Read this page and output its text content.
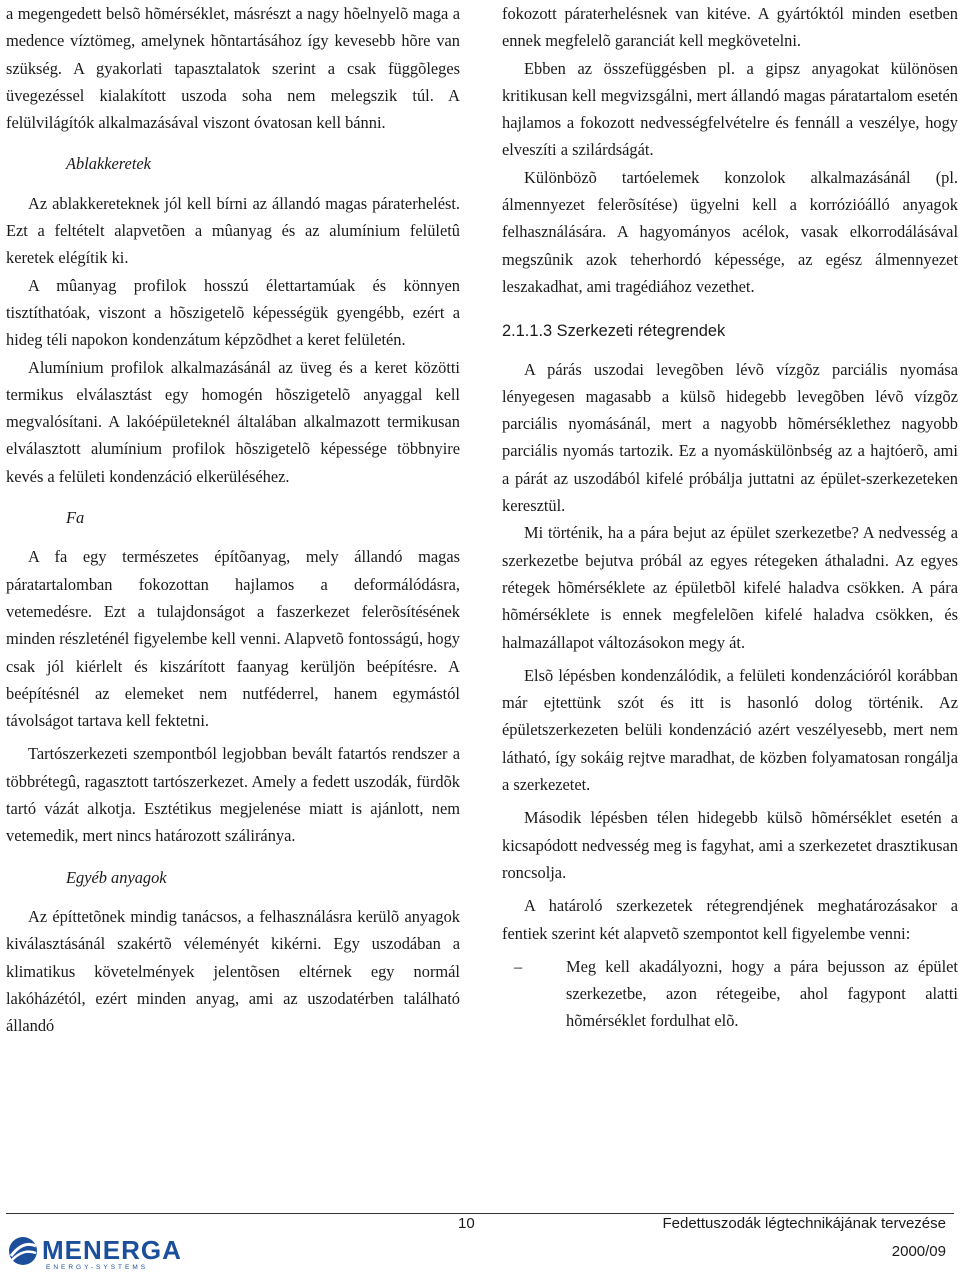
a megengedett belsõ hõmérséklet, másrészt a nagy hõelnyelõ maga a medence víztömeg, amelynek hõntartásához így kevesebb hõre van szükség. A gyakorlati tapasztalatok szerint a csak függõleges üvegezéssel kialakított uszoda soha nem melegszik túl. A felülvilágítók alkalmazásával viszont óvatosan kell bánni.

Ablakkeretek

Az ablakkereteknek jól kell bírni az állandó magas páraterhelést. Ezt a feltételt alapvetõen a mûanyag és az alumínium felületû keretek elégítik ki.

A mûanyag profilok hosszú élettartamúak és könnyen tisztíthatóak, viszont a hõszigetelõ képességük gyengébb, ezért a hideg téli napokon kondenzátum képzõdhet a keret felületén.

Alumínium profilok alkalmazásánál az üveg és a keret közötti termikus elválasztást egy homogén hõszigetelõ anyaggal kell megvalósítani. A lakóépületeknél általában alkalmazott termikusan elválasztott alumínium profilok hõszigetelõ képessége többnyire kevés a felületi kondenzáció elkerüléséhez.

Fa

A fa egy természetes építõanyag, mely állandó magas páratartalomban fokozottan hajlamos a deformálódásra, vetemedésre. Ezt a tulajdonságot a faszerkezet felerõsítésének minden részleténél figyelembe kell venni. Alapvetõ fontosságú, hogy csak jól kiérlelt és kiszárított faanyag kerüljön beépítésre. A beépítésnél az elemeket nem nutféderrel, hanem egymástól távolságot tartava kell fektetni.

Tartószerkezeti szempontból legjobban bevált fatartós rendszer a többrétegû, ragasztott tartószerkezet. Amely a fedett uszodák, fürdõk tartó vázát alkotja. Esztétikus megjelenése miatt is ajánlott, nem vetemedik, mert nincs határozott száliránya.

Egyéb anyagok

Az építtetõnek mindig tanácsos, a felhasználásra kerülõ anyagok kiválasztásánál szakértõ véleményét kikérni. Egy uszodában a klimatikus követelmények jelentõsen eltérnek egy normál lakóházétól, ezért minden anyag, ami az uszodatérben található állandó

fokozott páraterhelésnek van kitéve. A gyártóktól minden esetben ennek megfelelõ garanciát kell megkövetelni.

Ebben az összefüggésben pl. a gipsz anyagokat különösen kritikusan kell megvizsgálni, mert állandó magas páratartalom esetén hajlamos a fokozott nedvességfelvételre és fennáll a veszélye, hogy elveszíti a szilárdságát.

Különbözõ tartóelemek konzolok alkalmazásánál (pl. álmennyezet felerõsítése) ügyelni kell a korrózióálló anyagok felhasználására. A hagyományos acélok, vasak elkorrodálásával megszûnik azok teherhordó képessége, az egész álmennyezet leszakadhat, ami tragédiához vezethet.

2.1.1.3 Szerkezeti rétegrendek

A párás uszodai levegõben lévõ vízgõz parciális nyomása lényegesen magasabb a külsõ hidegebb levegõben lévõ vízgõz parciális nyomásánál, mert a nagyobb hõmérséklethez nagyobb parciális nyomás tartozik. Ez a nyomáskülönbség az a hajtóerõ, ami a párát az uszodából kifelé próbálja juttatni az épület-szerkezeteken keresztül.

Mi történik, ha a pára bejut az épület szerkezetbe? A nedvesség a szerkezetbe bejutva próbál az egyes rétegeken áthaladni. Az egyes rétegek hõmérséklete az épületbõl kifelé haladva csökken. A pára hõmérséklete is ennek megfelelõen kifelé haladva csökken, és halmazállapot változásokon megy át.

Elsõ lépésben kondenzálódik, a felületi kondenzációról korábban már ejtettünk szót és itt is hasonló dolog történik. Az épületszerkezeten belüli kondenzáció azért veszélyesebb, mert nem látható, így sokáig rejtve maradhat, de közben folyamatosan rongálja a szerkezetet.

Második lépésben télen hidegebb külsõ hõmérséklet esetén a kicsapódott nedvesség meg is fagyhat, ami a szerkezetet drasztikusan roncsolja.

A határoló szerkezetek rétegrendjének meghatározásakor a fentiek szerint két alapvetõ szempontot kell figyelembe venni:

–	Meg kell akadályozni, hogy a pára bejusson az épület szerkezetbe, azon rétegeibe, ahol fagypont alatti hõmérséklet fordulhat elõ.
10	Fedettuszodák légtechnikájának tervezése
2000/09
MENERGA
ENERGY-SYSTEMS
